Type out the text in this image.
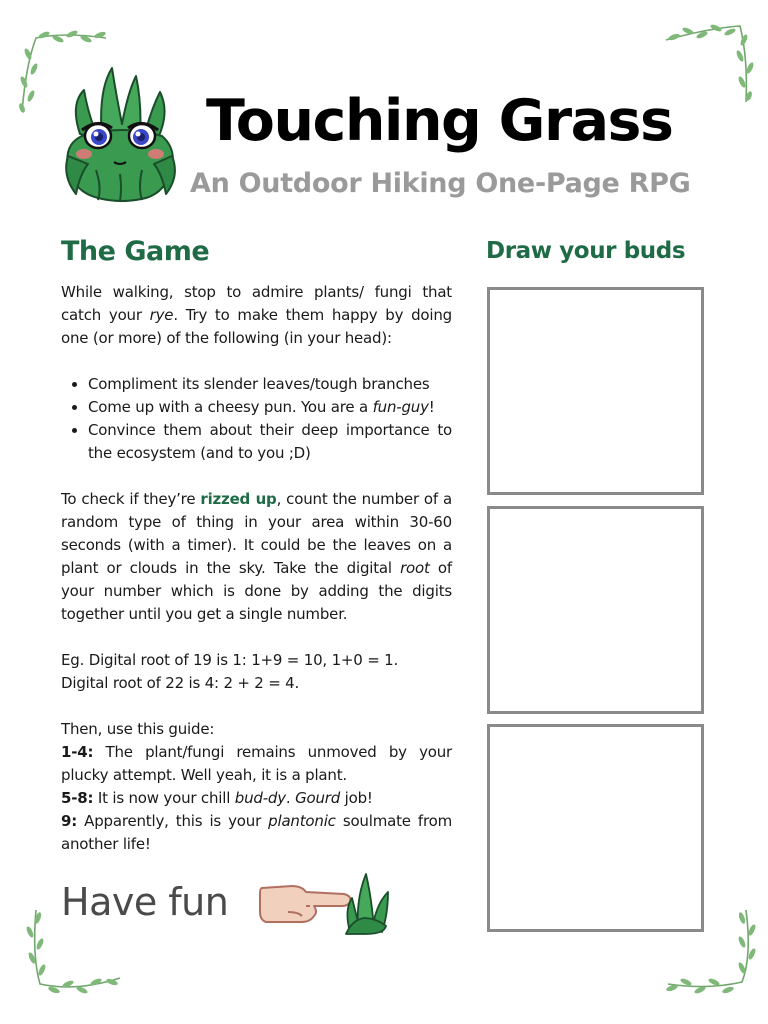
Touching Grass
An Outdoor Hiking One-Page RPG
The Game

While walking, stop to admire plants/ fungi that catch your rye. Try to make them happy by doing one (or more) of the following (in your head):

• Compliment its slender leaves/tough branches
• Come up with a cheesy pun. You are a fun-guy!
• Convince them about their deep importance to the ecosystem (and to you ;D)

To check if they’re rizzed up, count the number of a random type of thing in your area within 30-60 seconds (with a timer). It could be the leaves on a plant or clouds in the sky. Take the digital root of your number which is done by adding the digits together until you get a single number.

Eg. Digital root of 19 is 1: 1+9 = 10, 1+0 = 1.

Digital root of 22 is 4: 2 + 2 = 4.

Then, use this guide:

1-4: The plant/fungi remains unmoved by your plucky attempt. Well yeah, it is a plant.

5-8: It is now your chill bud-dy. Gourd job!

9: Apparently, this is your plantonic soulmate from another life!

Draw your buds
Have fun
